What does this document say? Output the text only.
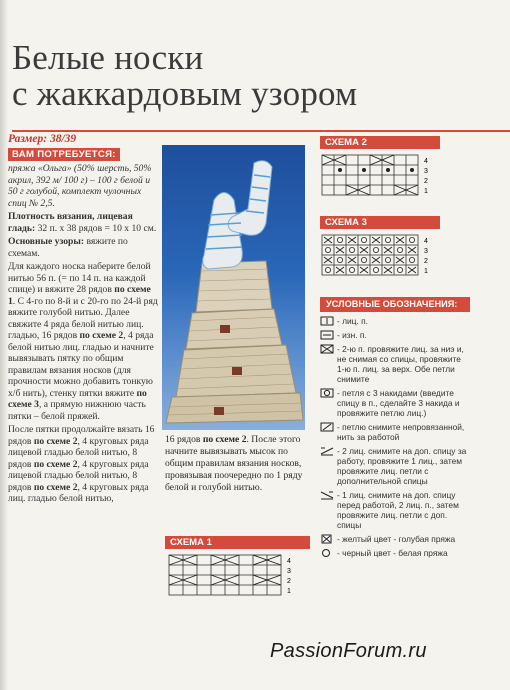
Белые носки
с жаккардовым узором
Размер: 38/39
ВАМ ПОТРЕБУЕТСЯ:
пряжа «Ольга» (50% шерсть, 50% акрил, 392 м/ 100 г) – 100 г белой и 50 г голубой, комплект чулочных спиц № 2,5.
Плотность вязания, лицевая гладь: 32 п. х 38 рядов = 10 х 10 см.
Основные узоры: вяжите по схемам.
Для каждого носка наберите белой нитью 56 п. (= по 14 п. на каждой спице) и вяжите 28 рядов по схеме 1. С 4-го по 8-й и с 20-го по 24-й ряд вяжите голубой нитью. Далее свяжите 4 ряда белой нитью лиц. гладью, 16 рядов по схеме 2, 4 ряда белой нитью лиц. гладью и начните вывязывать пятку по общим правилам вязания носков (для прочности можно добавить тонкую х/б нить), стенку пятки вяжите по схеме 3, а прямую нижнюю часть пятки – белой пряжей.
После пятки продолжайте вязать 16 рядов по схеме 2, 4 круговых ряда лицевой гладью белой нитью, 8 рядов по схеме 2, 4 круговых ряда лицевой гладью белой нитью, 8 рядов по схеме 2, 4 круговых ряда лиц. гладью белой нитью,
16 рядов по схеме 2. После этого начните вывязывать мысок по общим правилам вязания носков, провязывая поочередно по 1 ряду белой и голубой нитью.
СХЕМА 1
4
3
2
1
СХЕМА 2
4
3
2
1
СХЕМА 3
4
3
2
1
УСЛОВНЫЕ ОБОЗНАЧЕНИЯ:
- лиц. п.
- изн. п.
- 2-ю п. провяжите лиц. за ниэ и, не снимая со спицы, провяжите 1-ю п. лиц. за верх. Обе петли снимите
- петля с 3 накидами (введите спицу в п., сделайте 3 накида и провяжите петлю лиц.)
- петлю снимите непровязанной, нить за работой
- 2 лиц. снимите на доп. спицу за работу, провяжите 1 лиц., затем провяжите лиц. петли с дополнительной спицы
- 1 лиц. снимите на доп. спицу перед работой, 2 лиц. п., затем провяжите лиц. петли с доп. спицы
- желтый цвет - голубая пряжа
- черный цвет - белая пряжа
PassionForum.ru
